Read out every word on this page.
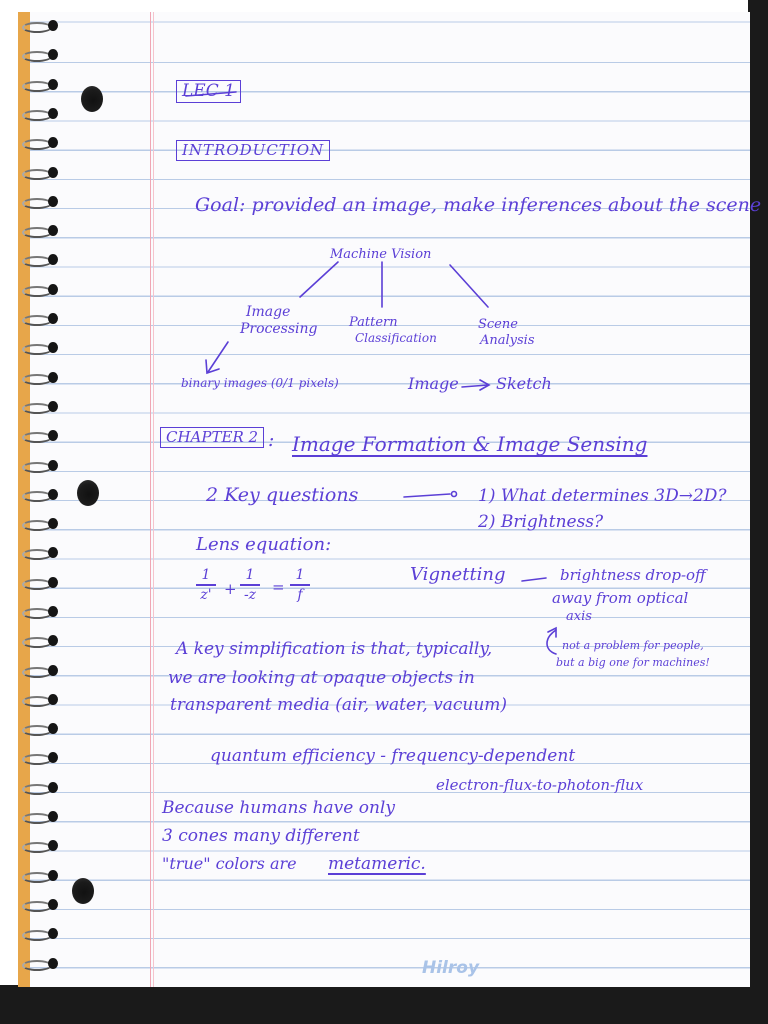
LEC 1
INTRODUCTION
Goal: provided an image, make inferences about the scene
Machine Vision
Image
Processing Pattern
Classification
Scene
Analysis
binary images (0/1 pixels)	Image Sketch
CHAPTER 2 : Image Formation & Image Sensing
2 Key questions	1) What determines 3D→2D?
2) Brightness?
Lens equation:
1
z' +
1
-z =
1
f
Vignetting	brightness drop-off
away from optical
axis
not a problem for people,
but a big one for machines!
A key simplification is that, typically,
we are looking at opaque objects in
transparent media (air, water, vacuum)
quantum efficiency - frequency-dependent
electron-flux-to-photon-flux
Because humans have only
3 cones many different
"true" colors are metameric.
Hilroy
